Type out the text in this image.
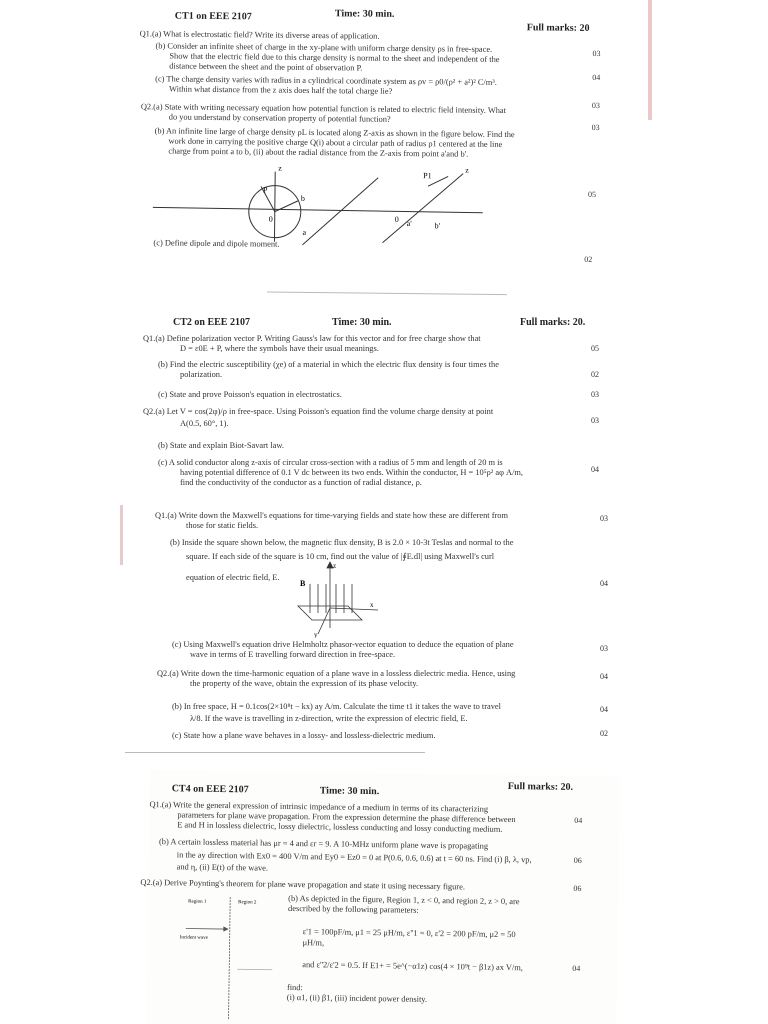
CT1 on EEE 2107	Time: 30 min.
Full marks: 20
Q1.(a) What is electrostatic field? Write its diverse areas of application.
(b) Consider an infinite sheet of charge in the xy-plane with uniform charge density ρs in free-space.
Show that the electric field due to this charge density is normal to the sheet and independent of the
distance between the sheet and the point of observation P.
(c) The charge density varies with radius in a cylindrical coordinate system as ρv = ρ0/(ρ² + a²)² C/m³.
Within what distance from the z axis does half the total charge lie?
Q2.(a) State with writing necessary equation how potential function is related to electric field intensity. What
do you understand by conservation property of potential function?
(b) An infinite line large of charge density ρL is located along Z-axis as shown in the figure below. Find the
work done in carrying the positive charge Q(i) about a circular path of radius ρ1 centered at the line
charge from point a to b, (ii) about the radial distance from the Z-axis from point a'and b'.
03
04
03
03
05
02
z
P
b
0
a
P1
z
0 a'	b'
(c) Define dipole and dipole moment.
CT2 on EEE 2107	Time: 30 min.	Full marks: 20.
Q1.(a) Define polarization vector P. Writing Gauss's law for this vector and for free charge show that
D = ε0E + P, where the symbols have their usual meanings.
(b) Find the electric susceptibility (χe) of a material in which the electric flux density is four times the
polarization.
(c) State and prove Poisson's equation in electrostatics.
Q2.(a) Let V = cos(2φ)/ρ in free-space. Using Poisson's equation find the volume charge density at point
A(0.5, 60°, 1).
(b) State and explain Biot-Savart law.
(c) A solid conductor along z-axis of circular cross-section with a radius of 5 mm and length of 20 m is
having potential difference of 0.1 V dc between its two ends. Within the conductor, H = 10⁵ρ² aφ A/m,
find the conductivity of the conductor as a function of radial distance, ρ.
05
02
03
03
04
Q1.(a) Write down the Maxwell's equations for time-varying fields and state how these are different from
those for static fields.
(b) Inside the square shown below, the magnetic flux density, B is 2.0 × 10-3t Teslas and normal to the
square. If each side of the square is 10 cm, find out the value of |∮E.dl| using Maxwell's curl
equation of electric field, E.
B
z
x
y
(c) Using Maxwell's equation drive Helmholtz phasor-vector equation to deduce the equation of plane
wave in terms of E travelling forward direction in free-space.
Q2.(a) Write down the time-harmonic equation of a plane wave in a lossless dielectric media. Hence, using
the property of the wave, obtain the expression of its phase velocity.
(b) In free space, H = 0.1cos(2×10⁸t − kx) ay A/m. Calculate the time t1 it takes the wave to travel
λ/8. If the wave is travelling in z-direction, write the expression of electric field, E.
(c) State how a plane wave behaves in a lossy- and lossless-dielectric medium.
03
04
03
04
04
02
CT4 on EEE 2107	Time: 30 min.	Full marks: 20.
Q1.(a) Write the general expression of intrinsic impedance of a medium in terms of its characterizing
parameters for plane wave propagation. From the expression determine the phase difference between
E and H in lossless dielectric, lossy dielectric, lossless conducting and lossy conducting medium.
(b) A certain lossless material has μr = 4 and εr = 9. A 10-MHz uniform plane wave is propagating
in the ay direction with Ex0 = 400 V/m and Ey0 = Ez0 = 0 at P(0.6, 0.6, 0.6) at t = 60 ns. Find (i) β, λ, vp,
and η, (ii) E(t) of the wave.
Q2.(a) Derive Poynting's theorem for plane wave propagation and state it using necessary figure.
(b) As depicted in the figure, Region 1, z < 0, and region 2, z > 0, are
described by the following parameters:
ε'1 = 100pF/m, μ1 = 25 μH/m, ε''1 = 0, ε'2 = 200 pF/m, μ2 = 50
μH/m,
and ε''2/ε'2 = 0.5. If E1+ = 5e^(−α1z) cos(4 × 10⁹t − β1z) ax V/m,
find:
(i) α1, (ii) β1, (iii) incident power density.
Region 1	Region 2
Incident wave
04
06
06
04
